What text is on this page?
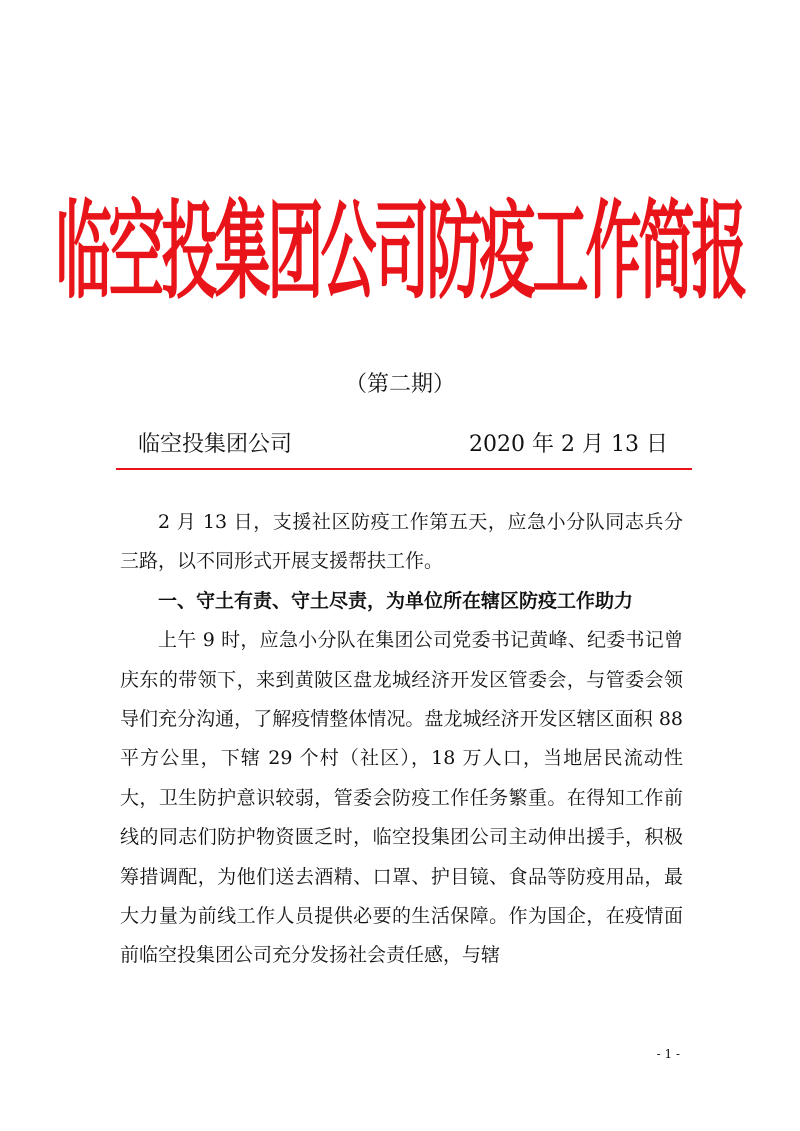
临空投集团公司防疫工作简报
（第二期）
临空投集团公司	2020 年 2 月 13 日

2 月 13 日，支援社区防疫工作第五天，应急小分队同志兵分三路，以不同形式开展支援帮扶工作。

一、守土有责、守土尽责，为单位所在辖区防疫工作助力

上午 9 时，应急小分队在集团公司党委书记黄峰、纪委书记曾庆东的带领下，来到黄陂区盘龙城经济开发区管委会，与管委会领导们充分沟通，了解疫情整体情况。盘龙城经济开发区辖区面积 88 平方公里，下辖 29 个村（社区），18 万人口，当地居民流动性大，卫生防护意识较弱，管委会防疫工作任务繁重。在得知工作前线的同志们防护物资匮乏时，临空投集团公司主动伸出援手，积极筹措调配，为他们送去酒精、口罩、护目镜、食品等防疫用品，最大力量为前线工作人员提供必要的生活保障。作为国企，在疫情面前临空投集团公司充分发扬社会责任感，与辖

- 1 -
